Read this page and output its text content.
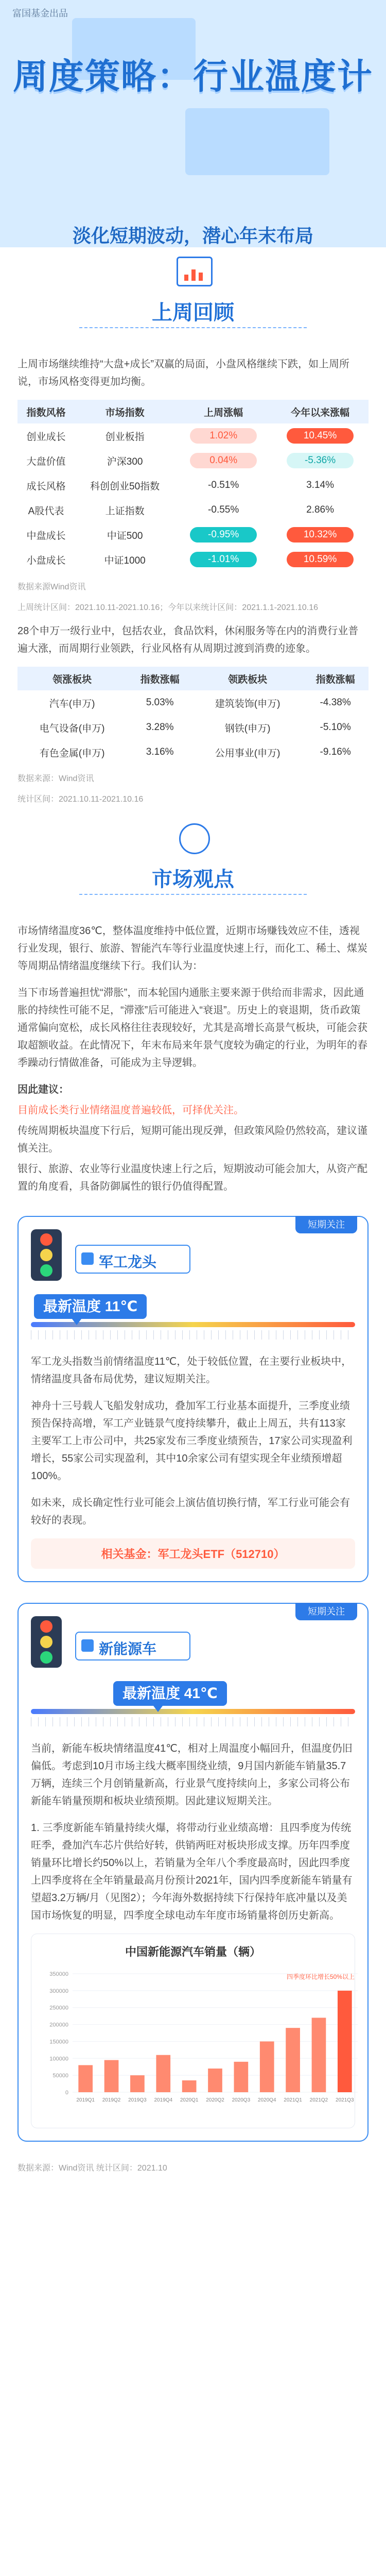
富国基金出品
周度策略：行业温度计
淡化短期波动，潜心年末布局
上周回顾

上周市场继续维持“大盘+成长”双赢的局面，小盘风格继续下跌，如上周所说，市场风格变得更加均衡。

指数风格	市场指数	上周涨幅	今年以来涨幅
创业成长	创业板指	1.02%	10.45%
大盘价值	沪深300	0.04%	-5.36%
成长风格	科创创业50指数	-0.51%	3.14%
A股代表	上证指数	-0.55%	2.86%
中盘成长	中证500	-0.95%	10.32%
小盘成长	中证1000	-1.01%	10.59%

数据来源Wind资讯

上周统计区间：2021.10.11-2021.10.16；今年以来统计区间：2021.1.1-2021.10.16

28个申万一级行业中，包括农业，食品饮料，休闲服务等在内的消费行业普遍大涨，而周期行业领跌，行业风格有从周期过渡到消费的迹象。

领涨板块	指数涨幅	领跌板块	指数涨幅
汽车(申万)	5.03%	建筑装饰(申万)	-4.38%
电气设备(申万)	3.28%	钢铁(申万)	-5.10%
有色金属(申万)	3.16%	公用事业(申万)	-9.16%

数据来源：Wind资讯

统计区间：2021.10.11-2021.10.16

市场观点

市场情绪温度36℃，整体温度维持中低位置，近期市场赚钱效应不佳，透视行业发现，银行、旅游、智能汽车等行业温度快速上行，而化工、稀土、煤炭等周期品情绪温度继续下行。我们认为：

当下市场普遍担忧“滞胀”，而本轮国内通胀主要来源于供给而非需求，因此通胀的持续性可能不足，“滞涨”后可能进入“衰退”。历史上的衰退期，货币政策通常偏向宽松，成长风格往往表现较好，尤其是高增长高景气板块，可能会获取超额收益。在此情况下，年末布局来年景气度较为确定的行业，为明年的春季躁动行情做准备，可能成为主导逻辑。

因此建议：

目前成长类行业情绪温度普遍较低，可择优关注。

传统周期板块温度下行后，短期可能出现反弹，但政策风险仍然较高，建议谨慎关注。

银行、旅游、农业等行业温度快速上行之后，短期波动可能会加大，从资产配置的角度看，具备防御属性的银行仍值得配置。

短期关注
军工龙头
最新温度 11℃

军工龙头指数当前情绪温度11℃，处于较低位置，在主要行业板块中，情绪温度具备布局优势，建议短期关注。

神舟十三号载人飞船发射成功，叠加军工行业基本面提升，三季度业绩预告保持高增，军工产业链景气度持续攀升，截止上周五，共有113家主要军工上市公司中，共25家发布三季度业绩预告，17家公司实现盈利增长，55家公司实现盈利，其中10余家公司有望实现全年业绩预增超100%。

如未来，成长确定性行业可能会上演估值切换行情，军工行业可能会有较好的表现。

相关基金：军工龙头ETF（512710）
短期关注
新能源车
最新温度 41℃

当前，新能车板块情绪温度41℃，相对上周温度小幅回升，但温度仍旧偏低。考虑到10月市场主线大概率围绕业绩，9月国内新能车销量35.7万辆，连续三个月创销量新高，行业景气度持续向上，多家公司将公布新能车销量预期和板块业绩预期。因此建议短期关注。

1. 三季度新能车销量持续火爆，将带动行业业绩高增：且四季度为传统旺季，叠加汽车芯片供给好转，供销两旺对板块形成支撑。历年四季度销量环比增长约50%以上，若销量为全年八个季度最高时，因此四季度上四季度将在全年销量最高月份预计2021年，国内四季度新能车销量有望超3.2万辆/月（见图2）；今年海外数据持续下行保持年底冲量以及美国市场恢复的明显，四季度全球电动车年度市场销量将创历史新高。

中国新能源汽车销量（辆）
350000
300000
250000
200000
150000
100000
50000
0
2019Q1 2019Q2 2019Q3 2019Q4 2020Q1 2020Q2 2020Q3 2020Q4 2021Q1 2021Q2 2021Q3
四季度环比增长50%以上

数据来源：Wind资讯 统计区间：2021.10
